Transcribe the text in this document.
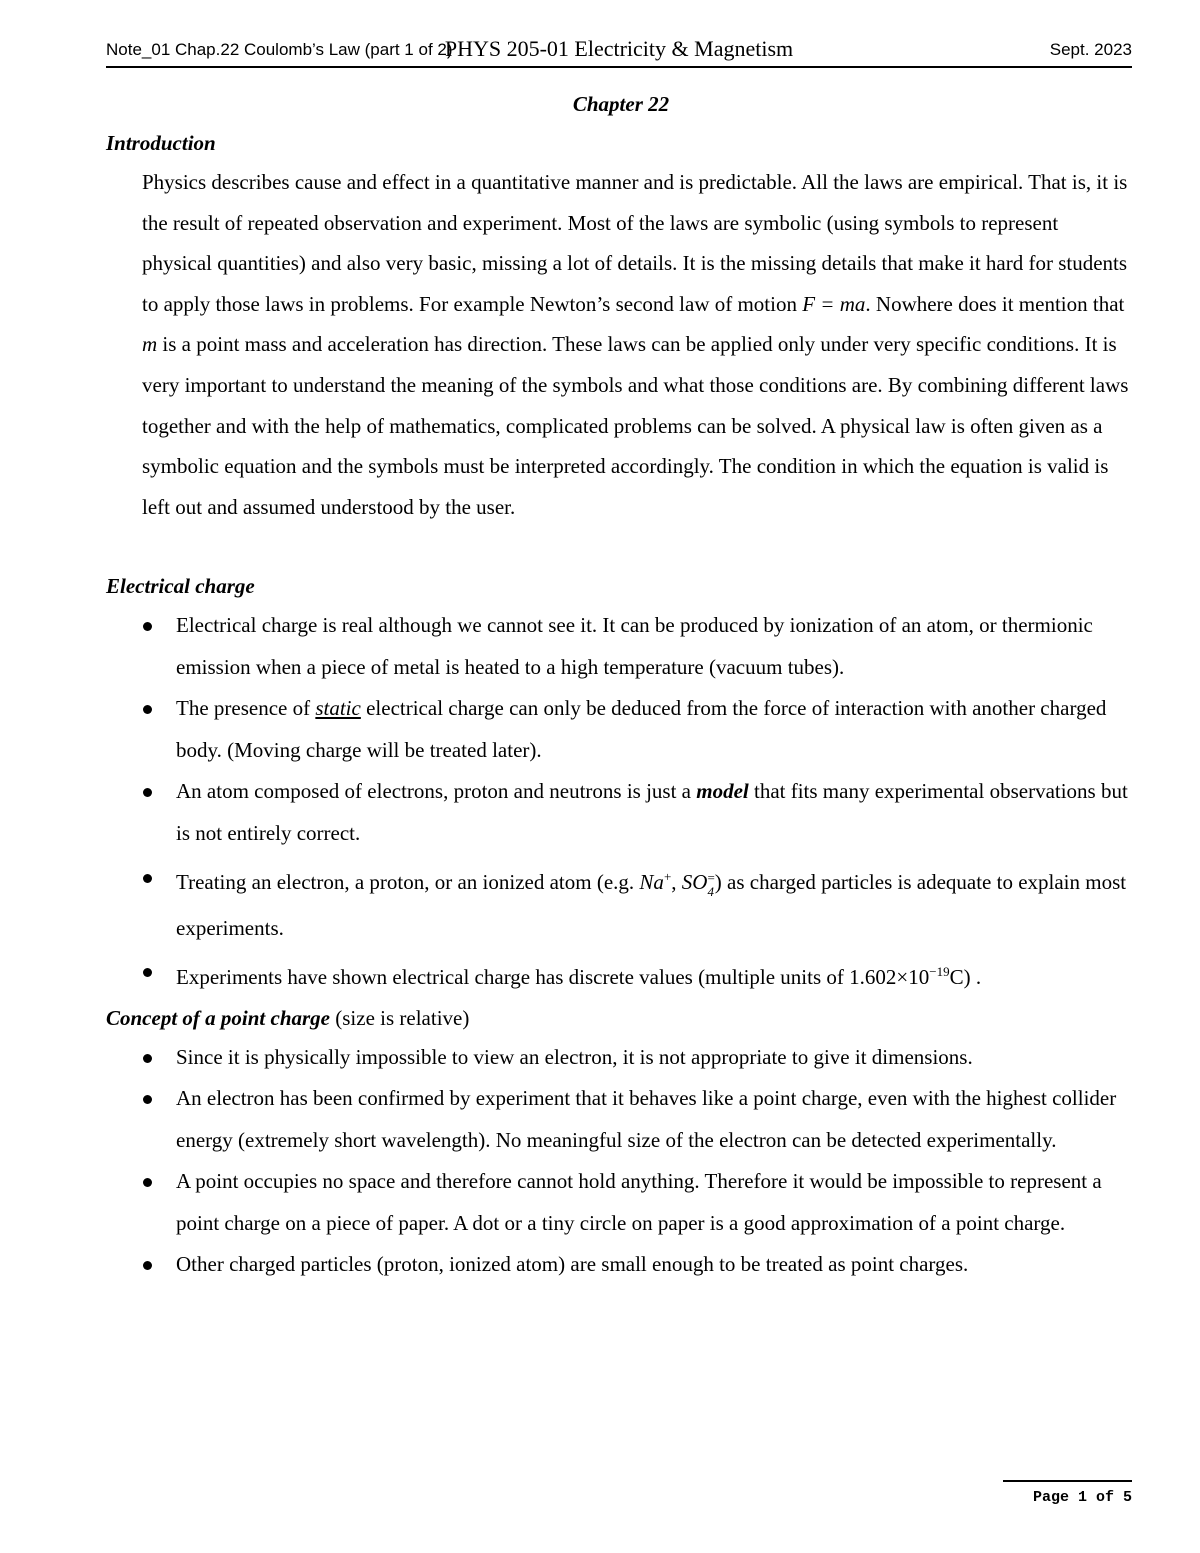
Note_01 Chap.22 Coulomb’s Law (part 1 of 2)
PHYS 205-01 Electricity & Magnetism	Sept. 2023

Chapter 22

Introduction

Physics describes cause and effect in a quantitative manner and is predictable. All the laws are empirical. That is, it is the result of repeated observation and experiment. Most of the laws are symbolic (using symbols to represent physical quantities) and also very basic, missing a lot of details. It is the missing details that make it hard for students to apply those laws in problems. For example Newton’s second law of motion F = ma. Nowhere does it mention that m is a point mass and acceleration has direction. These laws can be applied only under very specific conditions. It is very important to understand the meaning of the symbols and what those conditions are. By combining different laws together and with the help of mathematics, complicated problems can be solved. A physical law is often given as a symbolic equation and the symbols must be interpreted accordingly. The condition in which the equation is valid is left out and assumed understood by the user.

Electrical charge

Electrical charge is real although we cannot see it. It can be produced by ionization of an atom, or thermionic emission when a piece of metal is heated to a high temperature (vacuum tubes).
The presence of static electrical charge can only be deduced from the force of interaction with another charged body. (Moving charge will be treated later).
An atom composed of electrons, proton and neutrons is just a model that fits many experimental observations but is not entirely correct.
Treating an electron, a proton, or an ionized atom (e.g. Na+, SO =
4 ) as charged particles is adequate to explain most experiments.
Experiments have shown electrical charge has discrete values (multiple units of $1.602\times 10^{-19}C$) .

Concept of a point charge (size is relative)

Since it is physically impossible to view an electron, it is not appropriate to give it dimensions.
An electron has been confirmed by experiment that it behaves like a point charge, even with the highest collider energy (extremely short wavelength). No meaningful size of the electron can be detected experimentally.
A point occupies no space and therefore cannot hold anything. Therefore it would be impossible to represent a point charge on a piece of paper. A dot or a tiny circle on paper is a good approximation of a point charge.
Other charged particles (proton, ionized atom) are small enough to be treated as point charges.
Page 1 of 5
